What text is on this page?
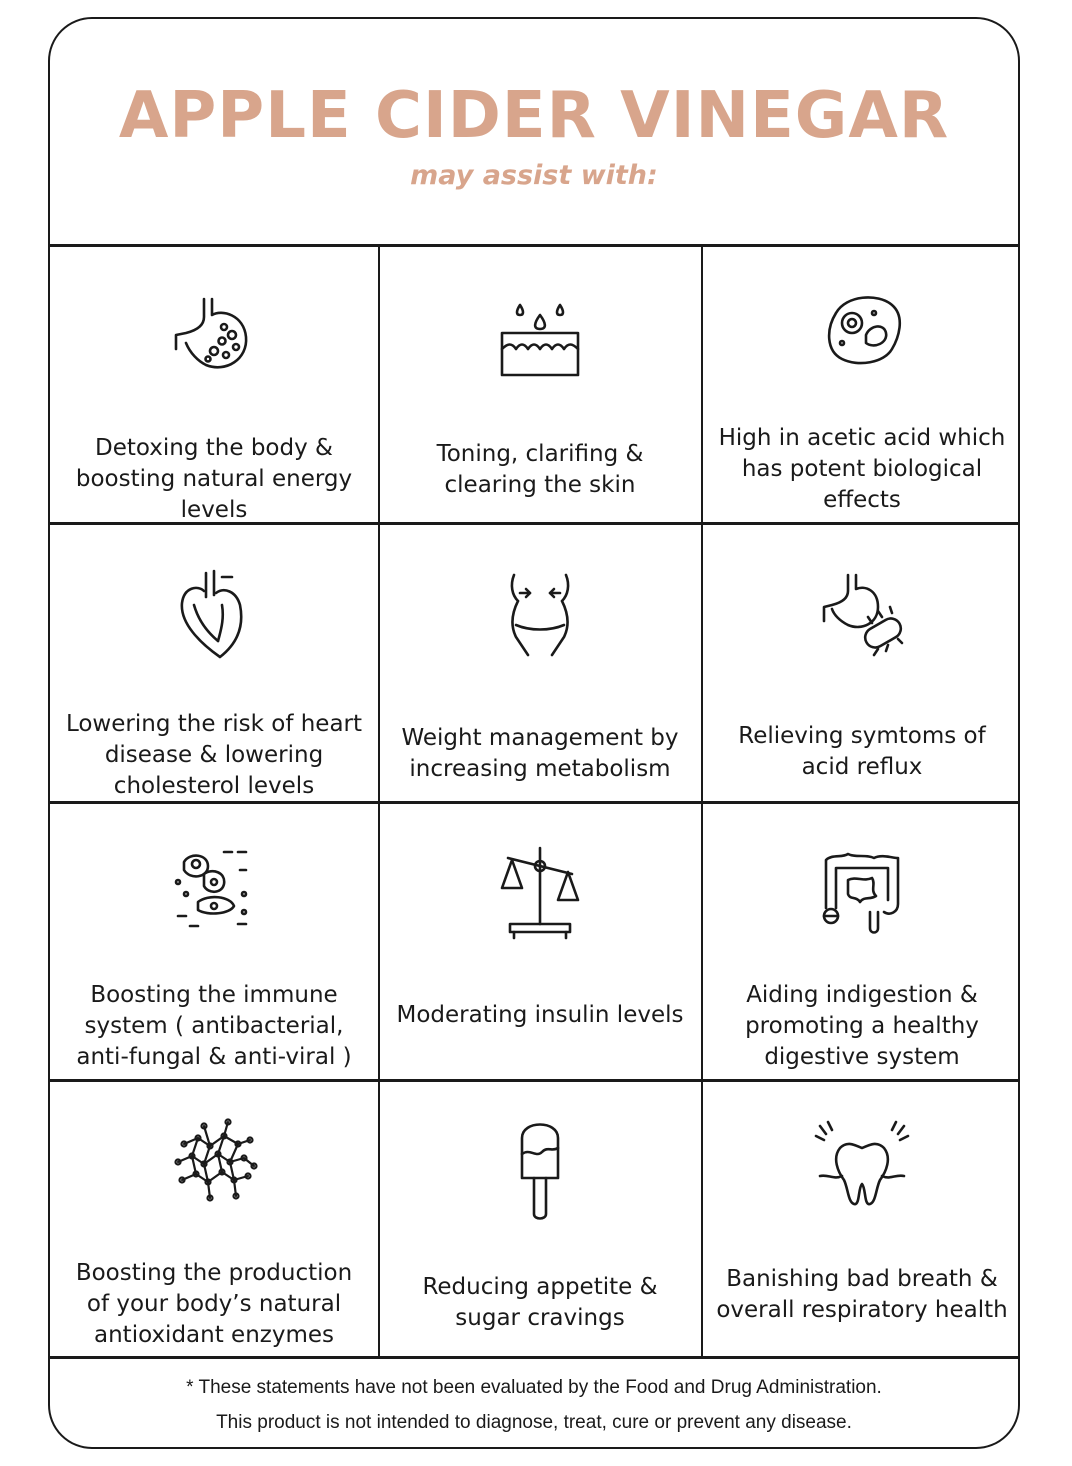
APPLE CIDER VINEGAR
may assist with:
Detoxing the body & boosting natural energy levels
Toning, clarifing & clearing the skin
High in acetic acid which has potent biological effects
Lowering the risk of heart disease & lowering cholesterol levels
Weight management by increasing metabolism
Relieving symtoms of acid reflux
Boosting the immune system ( antibacterial, anti-fungal & anti-viral )
Moderating insulin levels
Aiding indigestion & promoting a healthy digestive system
Boosting the production of your body’s natural antioxidant enzymes
Reducing appetite & sugar cravings
Banishing bad breath & overall respiratory health

* These statements have not been evaluated by the Food and Drug Administration.

This product is not intended to diagnose, treat, cure or prevent any disease.
